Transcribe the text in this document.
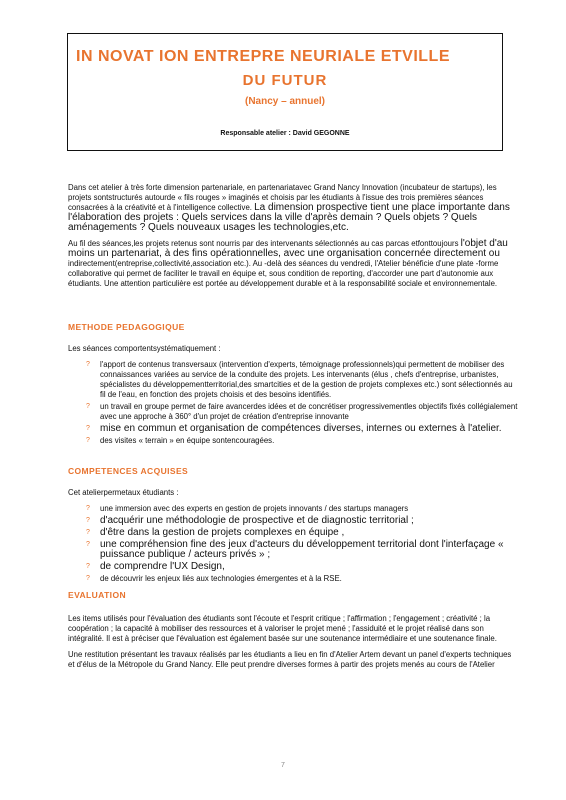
IN NOVAT ION ENTREPRE NEURIALE ETVILLE
DU FUTUR
(Nancy – annuel)
Responsable atelier : David GEGONNE

Dans cet atelier à très forte dimension partenariale, en partenariatavec Grand Nancy Innovation (incubateur de startups), les projets sontstructurés autourde « fils rouges » imaginés et choisis par les étudiants à l'issue des trois premières séances consacrées à la créativité et à l'intelligence collective. La dimension prospective tient une place importante dans l'élaboration des projets : Quels services dans la ville d'après demain ? Quels objets ? Quels aménagements ? Quels nouveaux usages les technologies,etc.

Au fil des séances,les projets retenus sont nourris par des intervenants sélectionnés au cas parcas etfonttoujours l'objet d'au moins un partenariat, à des fins opérationnelles, avec une organisation concernée directement ou indirectement(entreprise,collectivité,association etc.). Au -delà des séances du vendredi, l'Atelier bénéficie d'une plate -forme collaborative qui permet de faciliter le travail en équipe et, sous condition de reporting, d'accorder une part d'autonomie aux étudiants. Une attention particulière est portée au développement durable et à la responsabilité sociale et environnementale.

METHODE PEDAGOGIQUE

Les séances comportentsystématiquement :

? l'apport de contenus transversaux (intervention d'experts, témoignage professionnels)qui permettent de mobiliser des connaissances variées au service de la conduite des projets. Les intervenants (élus , chefs d'entreprise, urbanistes, spécialistes du développementterritorial,des smartcities et de la gestion de projets complexes etc.) sont sélectionnés au fil de l'eau, en fonction des projets choisis et des besoins identifiés.
? un travail en groupe permet de faire avancerdes idées et de concrétiser progressivementles objectifs fixés collégialement avec une approche à 360° d'un projet de création d'entreprise innovante
? mise en commun et organisation de compétences diverses, internes ou externes à l'atelier.
? des visites « terrain » en équipe sontencouragées.

COMPETENCES ACQUISES

Cet atelierpermetaux étudiants :

? une immersion avec des experts en gestion de projets innovants / des startups managers
? d'acquérir une méthodologie de prospective et de diagnostic territorial ;
? d'être dans la gestion de projets complexes en équipe ,
? une compréhension fine des jeux d'acteurs du développement territorial dont l'interfaçage « puissance publique / acteurs privés » ;
? de comprendre l'UX Design,
? de découvrir les enjeux liés aux technologies émergentes et à la RSE.

EVALUATION

Les items utilisés pour l'évaluation des étudiants sont l'écoute et l'esprit critique ; l'affirmation ; l'engagement ; créativité ; la coopération ; la capacité à mobiliser des ressources et à valoriser le projet mené ; l'assiduité et le projet réalisé dans son intégralité. Il est à préciser que l'évaluation est également basée sur une soutenance intermédiaire et une soutenance finale.

Une restitution présentant les travaux réalisés par les étudiants a lieu en fin d'Atelier Artem devant un panel d'experts techniques et d'élus de la Métropole du Grand Nancy. Elle peut prendre diverses formes à partir des projets menés au cours de l'Atelier

7
